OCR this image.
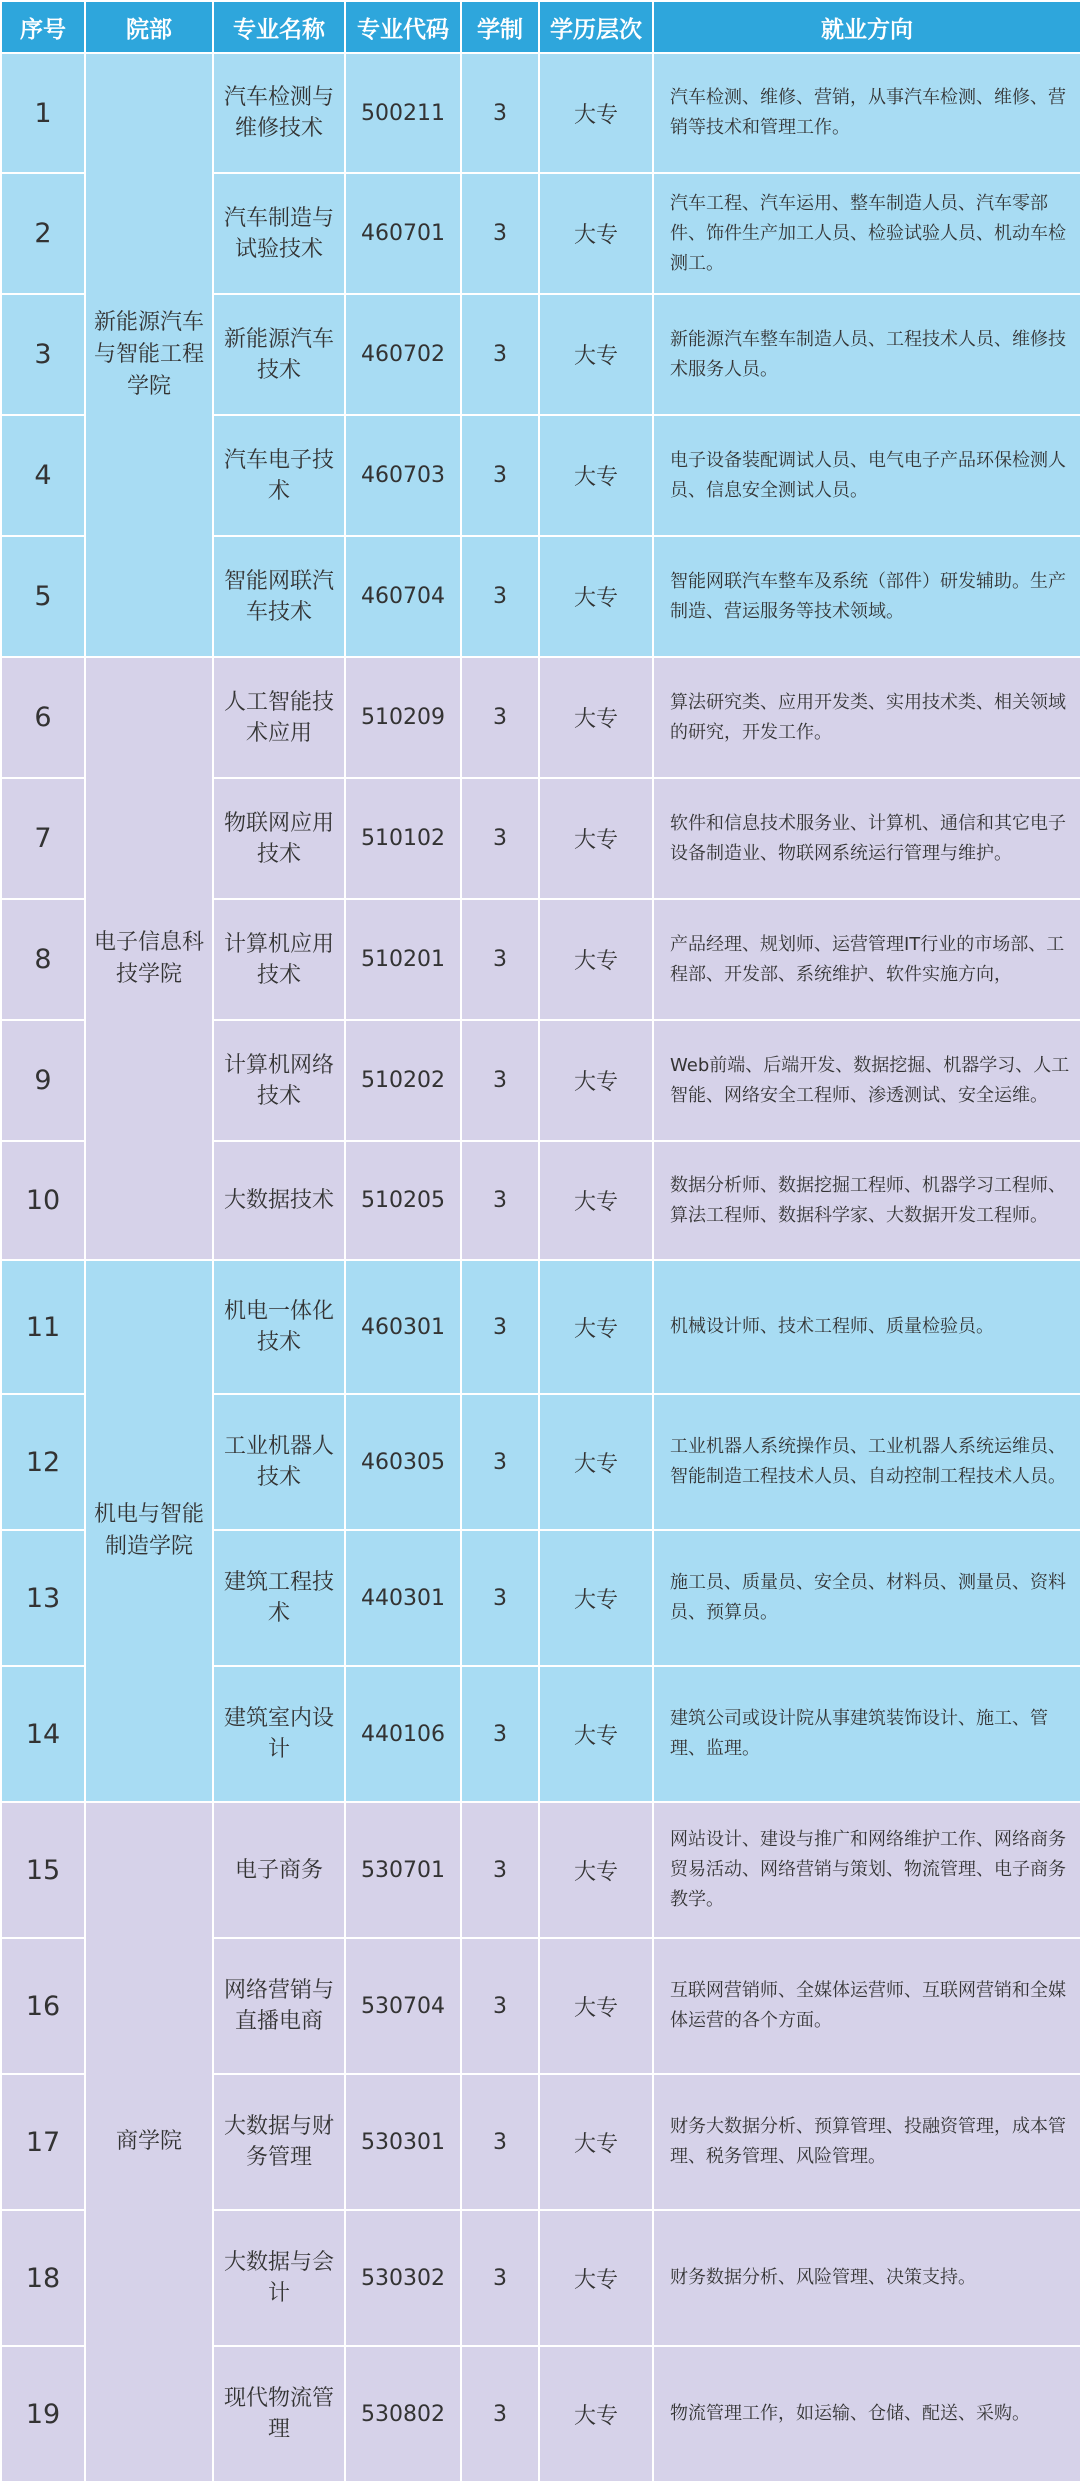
序号	院部	专业名称	专业代码	学制	学历层次	就业方向
1	新能源汽车与智能工程学院	汽车检测与维修技术	500211	3	大专	汽车检测、维修、营销，从事汽车检测、维修、营销等技术和管理工作。
2		汽车制造与试验技术	460701	3	大专	汽车工程、汽车运用、整车制造人员、汽车零部件、饰件生产加工人员、检验试验人员、机动车检测工。
3		新能源汽车技术	460702	3	大专	新能源汽车整车制造人员、工程技术人员、维修技术服务人员。
4		汽车电子技术	460703	3	大专	电子设备装配调试人员、电气电子产品环保检测人员、信息安全测试人员。
5		智能网联汽车技术	460704	3	大专	智能网联汽车整车及系统（部件）研发辅助。生产制造、营运服务等技术领域。
6	电子信息科技学院	人工智能技术应用	510209	3	大专	算法研究类、应用开发类、实用技术类、相关领域的研究，开发工作。
7		物联网应用技术	510102	3	大专	软件和信息技术服务业、计算机、通信和其它电子设备制造业、物联网系统运行管理与维护。
8		计算机应用技术	510201	3	大专	产品经理、规划师、运营管理IT行业的市场部、工程部、开发部、系统维护、软件实施方向，
9		计算机网络技术	510202	3	大专	Web前端、后端开发、数据挖掘、机器学习、人工智能、网络安全工程师、渗透测试、安全运维。
10		大数据技术	510205	3	大专	数据分析师、数据挖掘工程师、机器学习工程师、算法工程师、数据科学家、大数据开发工程师。
11	机电与智能制造学院	机电一体化技术	460301	3	大专	机械设计师、技术工程师、质量检验员。
12		工业机器人技术	460305	3	大专	工业机器人系统操作员、工业机器人系统运维员、智能制造工程技术人员、自动控制工程技术人员。
13		建筑工程技术	440301	3	大专	施工员、质量员、安全员、材料员、测量员、资料员、预算员。
14		建筑室内设计	440106	3	大专	建筑公司或设计院从事建筑装饰设计、施工、管理、监理。
15	商学院	电子商务	530701	3	大专	网站设计、建设与推广和网络维护工作、网络商务贸易活动、网络营销与策划、物流管理、电子商务教学。
16		网络营销与直播电商	530704	3	大专	互联网营销师、全媒体运营师、互联网营销和全媒体运营的各个方面。
17		大数据与财务管理	530301	3	大专	财务大数据分析、预算管理、投融资管理，成本管理、税务管理、风险管理。
18		大数据与会计	530302	3	大专	财务数据分析、风险管理、决策支持。
19		现代物流管理	530802	3	大专	物流管理工作，如运输、仓储、配送、采购。
